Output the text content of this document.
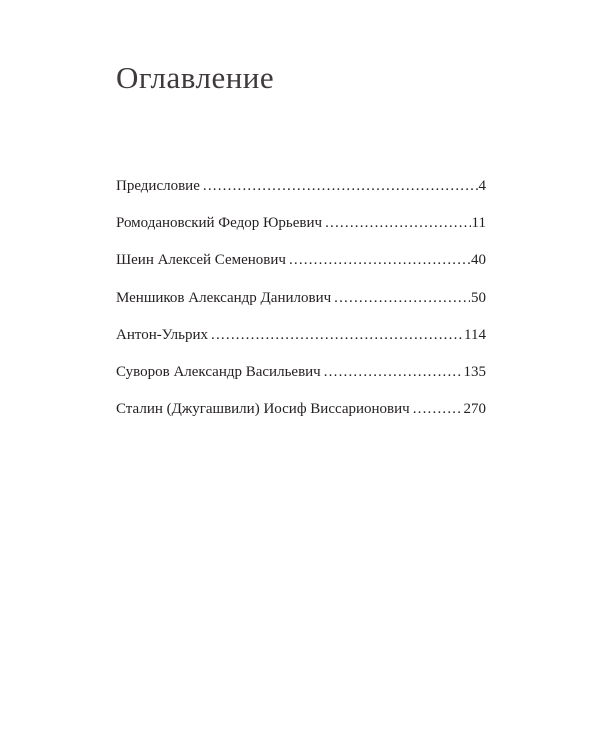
Оглавление
Предисловие .....	4
Ромодановский Федор Юрьевич .....	11
Шеин Алексей Семенович .....	40
Меншиков Александр Данилович .....	50
Антон-Ульрих .....	114
Суворов Александр Васильевич .....	135
Сталин (Джугашвили) Иосиф Виссарионович .....	270
